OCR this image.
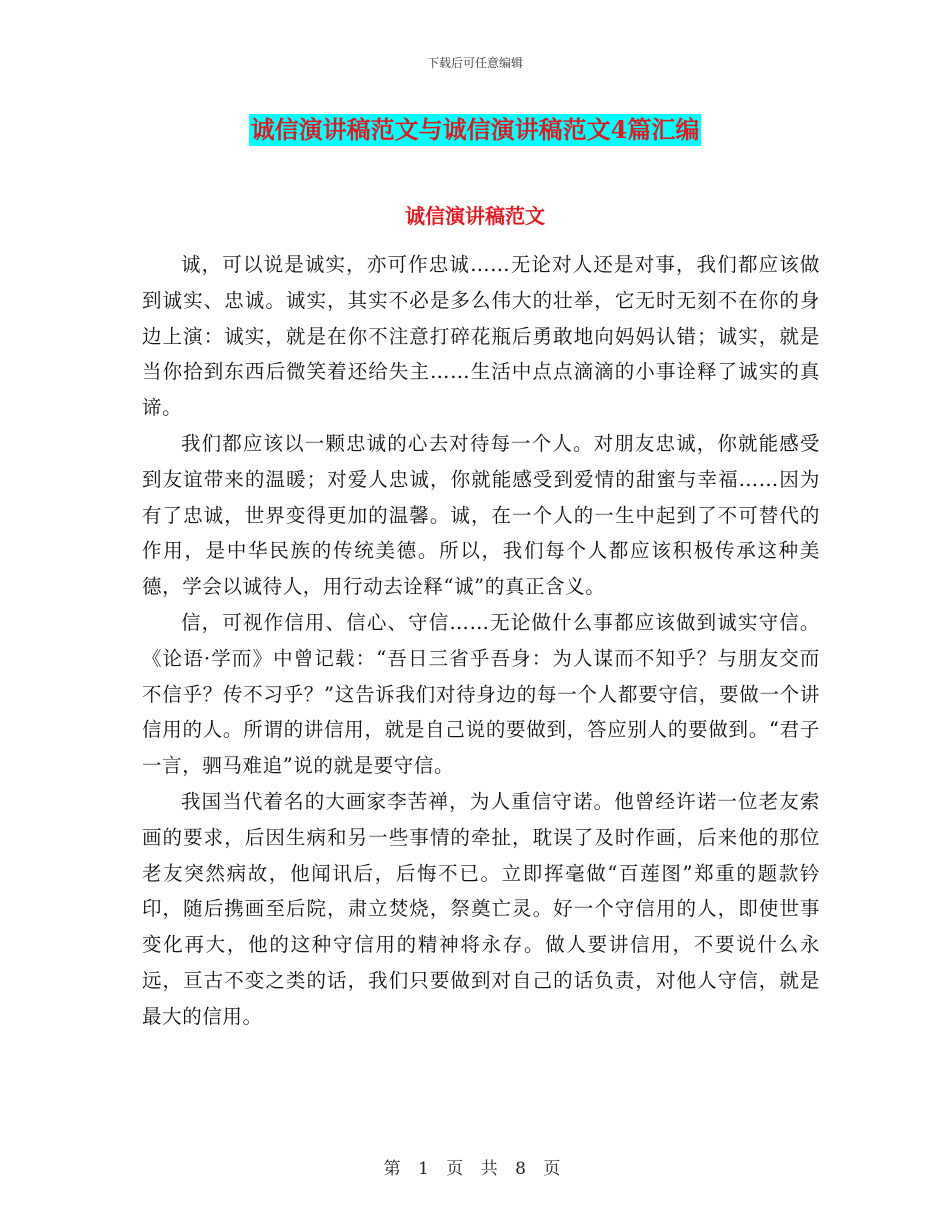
下载后可任意编辑
诚信演讲稿范文与诚信演讲稿范文4篇汇编
诚信演讲稿范文

诚，可以说是诚实，亦可作忠诚……无论对人还是对事，我们都应该做到诚实、忠诚。诚实，其实不必是多么伟大的壮举，它无时无刻不在你的身边上演：诚实，就是在你不注意打碎花瓶后勇敢地向妈妈认错；诚实，就是当你拾到东西后微笑着还给失主……生活中点点滴滴的小事诠释了诚实的真谛。

我们都应该以一颗忠诚的心去对待每一个人。对朋友忠诚，你就能感受到友谊带来的温暖；对爱人忠诚，你就能感受到爱情的甜蜜与幸福……因为有了忠诚，世界变得更加的温馨。诚，在一个人的一生中起到了不可替代的作用，是中华民族的传统美德。所以，我们每个人都应该积极传承这种美德，学会以诚待人，用行动去诠释“诚”的真正含义。

信，可视作信用、信心、守信……无论做什么事都应该做到诚实守信。《论语·学而》中曾记载：“吾日三省乎吾身：为人谋而不知乎？与朋友交而不信乎？传不习乎？”这告诉我们对待身边的每一个人都要守信，要做一个讲信用的人。所谓的讲信用，就是自己说的要做到，答应别人的要做到。“君子一言，驷马难追”说的就是要守信。

我国当代着名的大画家李苦禅，为人重信守诺。他曾经许诺一位老友索画的要求，后因生病和另一些事情的牵扯，耽误了及时作画，后来他的那位老友突然病故，他闻讯后，后悔不已。立即挥毫做“百莲图”郑重的题款钤印，随后携画至后院，肃立焚烧，祭奠亡灵。好一个守信用的人，即使世事变化再大，他的这种守信用的精神将永存。做人要讲信用，不要说什么永远，亘古不变之类的话，我们只要做到对自己的话负责，对他人守信，就是最大的信用。

第 1 页 共 8 页
